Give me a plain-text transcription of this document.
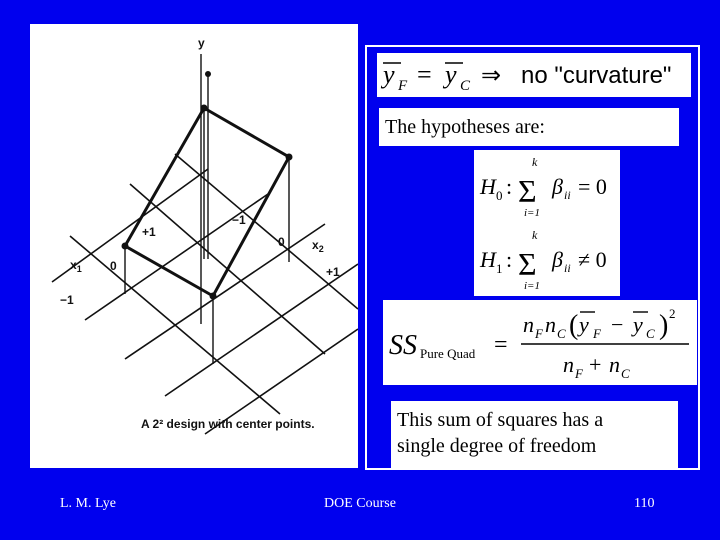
y
$x_1$
$x_2$
+1
−1
0
−1
0
+1
A 2² design with center points.
y F = y C ⇒ no "curvature"
The hypotheses are:
H 0 :
k
Σ
i=1
β ii = 0
H 1 :
k
Σ
i=1
β ii ≠ 0
SS Pure Quad =
n F n C ( y F − y C ) 2
n F + n C
This sum of squares has a
single degree of freedom
L. M. Lye	DOE Course	110
